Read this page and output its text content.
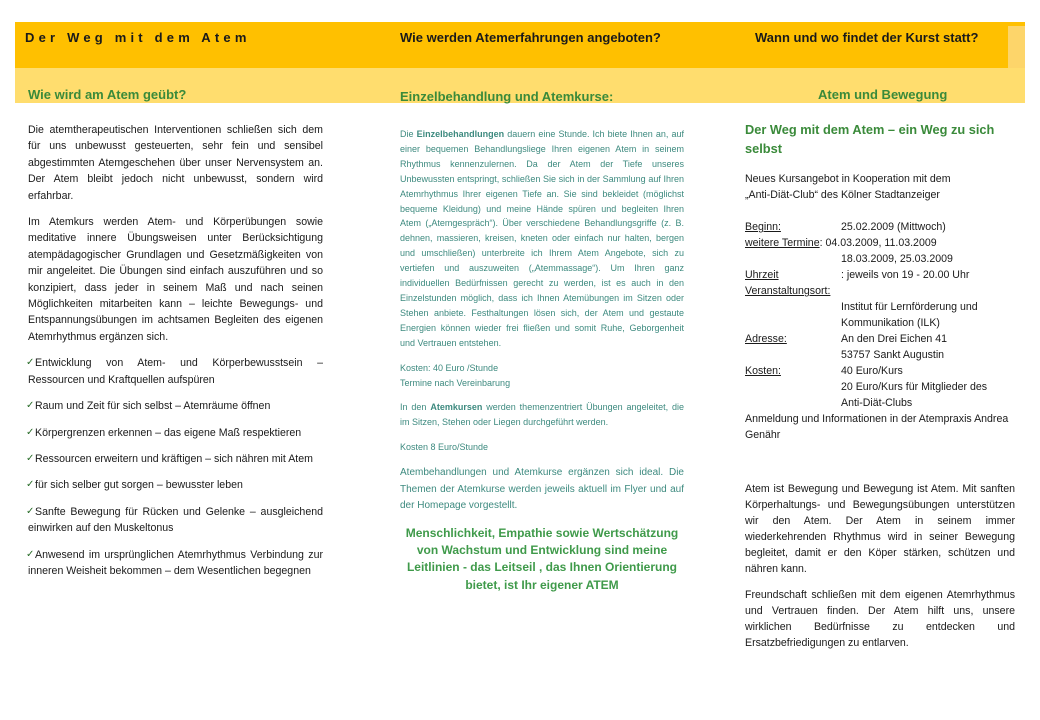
Der Weg mit dem Atem	Wie werden Atemerfahrungen angeboten?	Wann und wo findet der Kurst statt?
Wie wird am Atem geübt?	Einzelbehandlung und Atemkurse:	Atem und Bewegung

Die atemtherapeutischen Interventionen schließen sich dem für uns unbewusst gesteuerten, sehr fein und sensibel abgestimmten Atemgeschehen über unser Nervensystem an. Der Atem bleibt jedoch nicht unbewusst, sondern wird erfahrbar.

Im Atemkurs werden Atem- und Körperübungen sowie meditative innere Übungsweisen unter Berücksichtigung atempädagogischer Grundlagen und Gesetzmäßigkeiten von mir angeleitet. Die Übungen sind einfach auszuführen und so konzipiert, dass jeder in seinem Maß und nach seinen Möglichkeiten mitarbeiten kann – leichte Bewegungs- und Entspannungsübungen im achtsamen Begleiten des eigenen Atemrhythmus ergänzen sich.

✓ Entwicklung von Atem- und Körperbewusstsein – Ressourcen und Kraftquellen aufspüren
✓ Raum und Zeit für sich selbst – Atemräume öffnen
✓ Körpergrenzen erkennen – das eigene Maß respektieren
✓ Ressourcen erweitern und kräftigen – sich nähren mit Atem
✓ für sich selber gut sorgen – bewusster leben
✓ Sanfte Bewegung für Rücken und Gelenke – ausgleichend einwirken auf den Muskeltonus
✓ Anwesend im ursprünglichen Atemrhythmus Verbindung zur inneren Weisheit bekommen – dem Wesentlichen begegnen

Die Einzelbehandlungen dauern eine Stunde. Ich biete Ihnen an, auf einer bequemen Behandlungsliege Ihren eigenen Atem in seinem Rhythmus kennenzulernen. Da der Atem der Tiefe unseres Unbewussten entspringt, schließen Sie sich in der Sammlung auf Ihren Atemrhythmus Ihrer eigenen Tiefe an. Sie sind bekleidet (möglichst bequeme Kleidung) und meine Hände spüren und begleiten Ihren Atem („Atemgespräch“). Über verschiedene Behandlungsgriffe (z. B. dehnen, massieren, kreisen, kneten oder einfach nur halten, bergen und umschließen) unterbreite ich Ihrem Atem Angebote, sich zu vertiefen und auszuweiten („Atemmassage“). Um Ihren ganz individuellen Bedürfnissen gerecht zu werden, ist es auch in den Einzelstunden möglich, dass ich Ihnen Atemübungen im Sitzen oder Stehen anbiete. Festhaltungen lösen sich, der Atem und gestaute Energien können wieder frei fließen und somit Ruhe, Geborgenheit und Vertrauen entstehen.

Kosten: 40 Euro /Stunde
Termine nach Vereinbarung

In den Atemkursen werden themenzentriert Übungen angeleitet, die im Sitzen, Stehen oder Liegen durchgeführt werden.

Kosten 8 Euro/Stunde

Atembehandlungen und Atemkurse ergänzen sich ideal. Die Themen der Atemkurse werden jeweils aktuell im Flyer und auf der Homepage vorgestellt.

Menschlichkeit, Empathie sowie Wertschätzung von Wachstum und Entwicklung sind meine Leitlinien - das Leitseil , das Ihnen Orientierung bietet, ist Ihr eigener ATEM
Der Weg mit dem Atem – ein Weg zu sich selbst

Neues Kursangebot in Kooperation mit dem

„Anti-Diät-Club“ des Kölner Stadtanzeiger

Beginn:	25.02.2009 (Mittwoch)
weitere Termine : 04.03.2009, 11.03.2009
18.03.2009, 25.03.2009
Uhrzeit	: jeweils von 19 - 20.00 Uhr
Veranstaltungsort:
Institut für Lernförderung und
Kommunikation (ILK)
Adresse:	An den Drei Eichen 41
53757 Sankt Augustin
Kosten:	40 Euro/Kurs
20 Euro/Kurs für Mitglieder des
Anti-Diät-Clubs

Anmeldung und Informationen in der Atempraxis Andrea Genähr

Atem ist Bewegung und Bewegung ist Atem. Mit sanften Körperhaltungs- und Bewegungsübungen unterstützen wir den Atem. Der Atem in seinem immer wiederkehrenden Rhythmus wird in seiner Bewegung begleitet, damit er den Köper stärken, schützen und nähren kann.

Freundschaft schließen mit dem eigenen Atemrhythmus und Vertrauen finden. Der Atem hilft uns, unsere wirklichen Bedürfnisse zu entdecken und Ersatzbefriedigungen zu entlarven.
